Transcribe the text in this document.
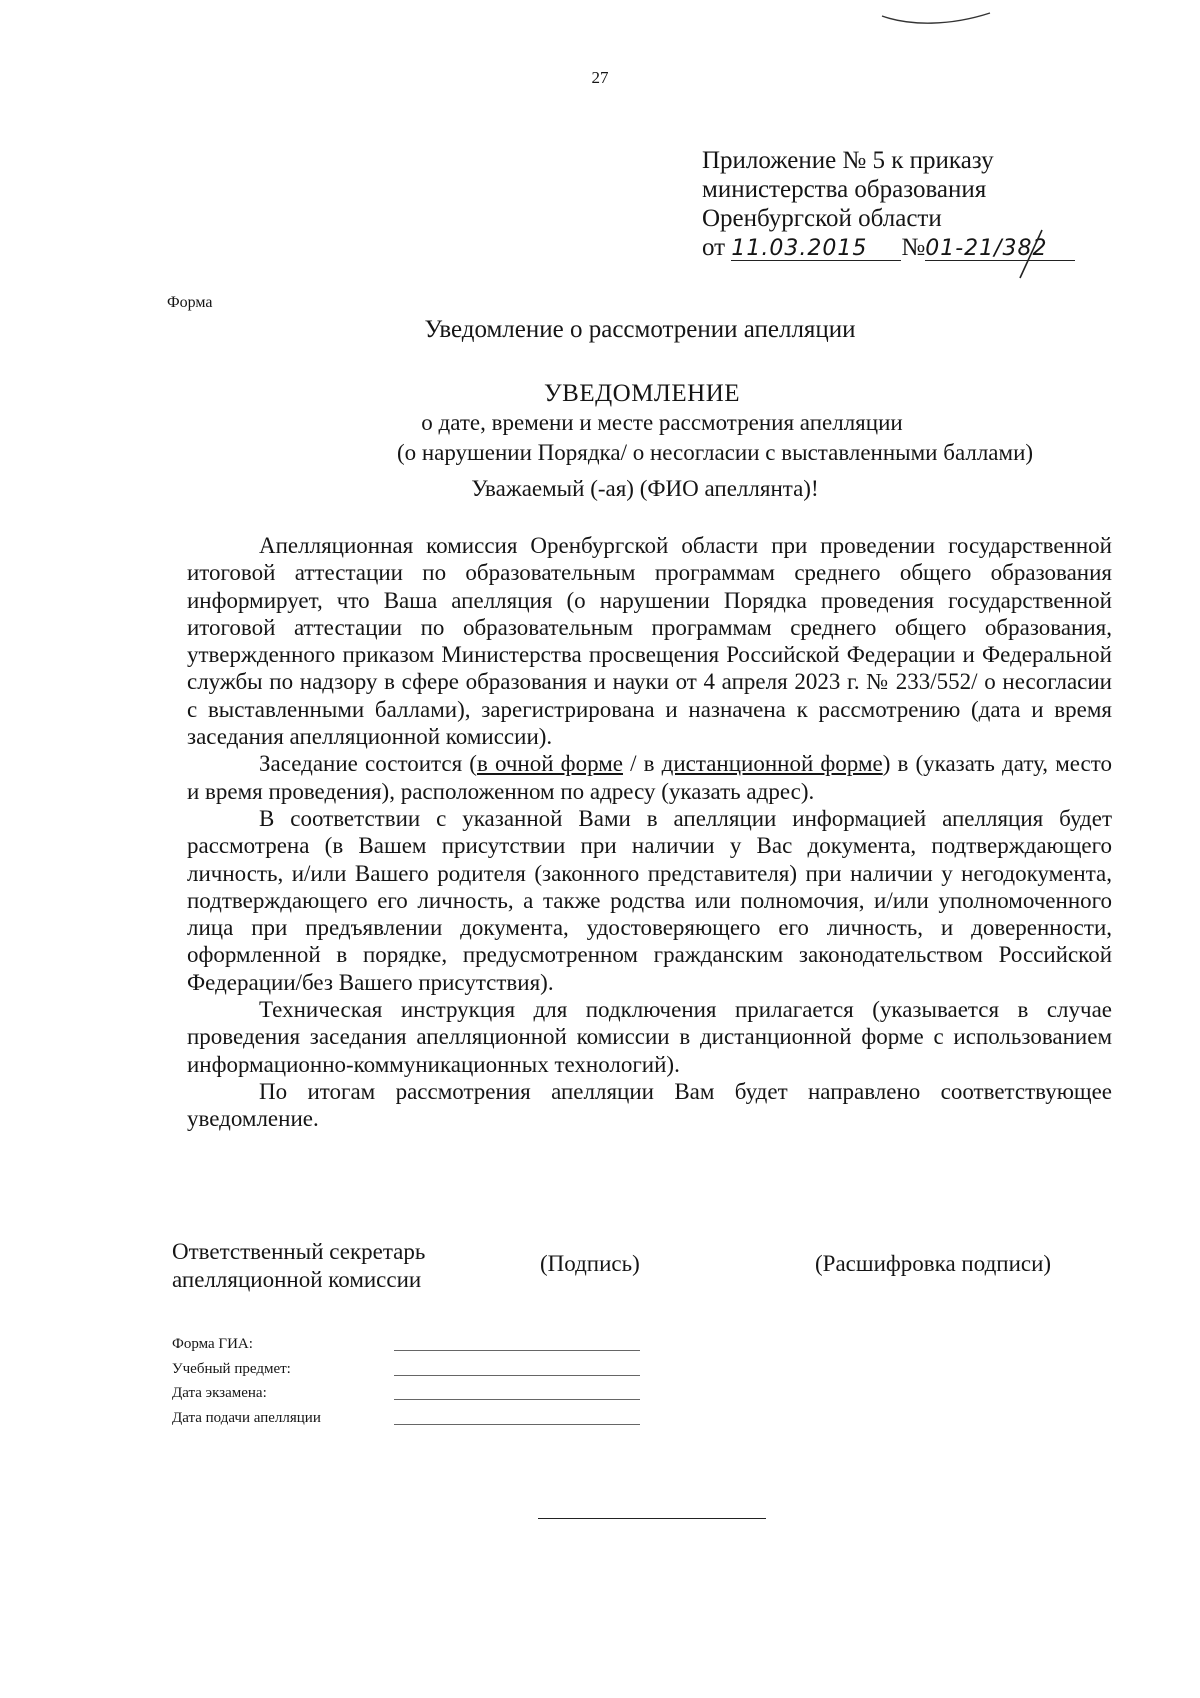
27
Приложение № 5 к приказу
министерства образования
Оренбургской области
от 11.03.2015 №01-21/382
Форма
Уведомление о рассмотрении апелляции
УВЕДОМЛЕНИЕ
о дате, времени и месте рассмотрения апелляции
(о нарушении Порядка/ о несогласии с выставленными баллами)
Уважаемый (-ая) (ФИО апеллянта)!

Апелляционная комиссия Оренбургской области при проведении государственной итоговой аттестации по образовательным программам среднего общего образования информирует, что Ваша апелляция (о нарушении Порядка проведения государственной итоговой аттестации по образовательным программам среднего общего образования, утвержденного приказом Министерства просвещения Российской Федерации и Федеральной службы по надзору в сфере образования и науки от 4 апреля 2023 г. № 233/552/ о несогласии с выставленными баллами), зарегистрирована и назначена к рассмотрению (дата и время заседания апелляционной комиссии).

Заседание состоится (в очной форме / в дистанционной форме) в (указать дату, место и время проведения), расположенном по адресу (указать адрес).

В соответствии с указанной Вами в апелляции информацией апелляция будет рассмотрена (в Вашем присутствии при наличии у Вас документа, подтверждающего личность, и/или Вашего родителя (законного представителя) при наличии у негодокумента, подтверждающего его личность, а также родства или полномочия, и/или уполномоченного лица при предъявлении документа, удостоверяющего его личность, и доверенности, оформленной в порядке, предусмотренном гражданским законодательством Российской Федерации/без Вашего присутствия).

Техническая инструкция для подключения прилагается (указывается в случае проведения заседания апелляционной комиссии в дистанционной форме с использованием информационно-коммуникационных технологий).

По итогам рассмотрения апелляции Вам будет направлено соответствующее уведомление.

Ответственный секретарь
апелляционной комиссии
(Подпись)	(Расшифровка подписи)
Форма ГИА:
Учебный предмет:
Дата экзамена:
Дата подачи апелляции
